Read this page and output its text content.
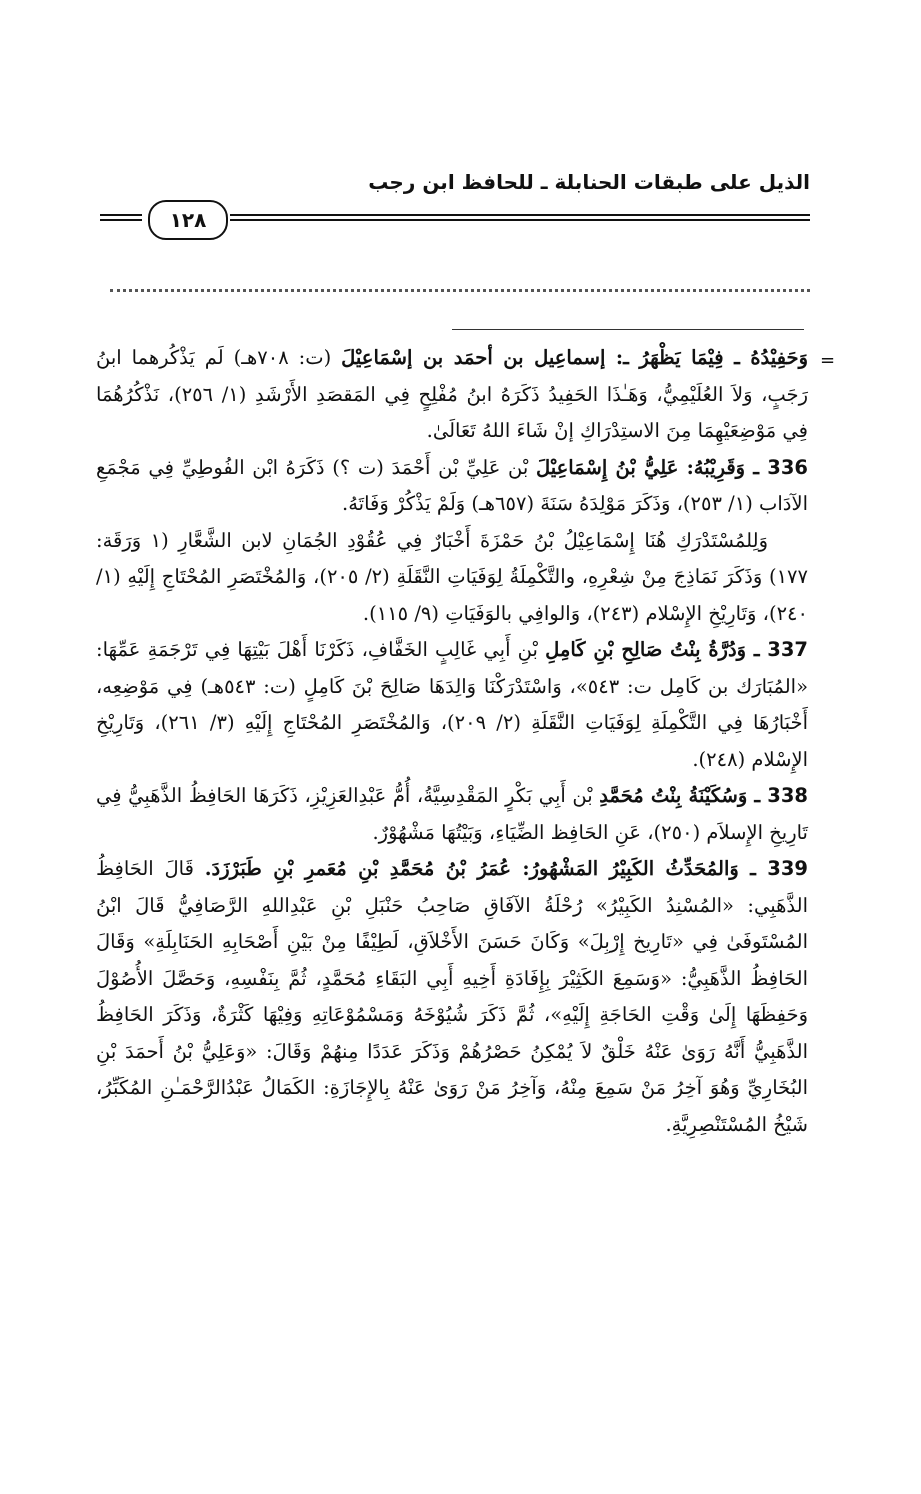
الذيل على طبقات الحنابلة ـ للحافظ ابن رجب
١٢٨
=

وَحَفِيْدُهُ ـ فِيْمَا يَظْهَرُ ـ: إسماعِيل بن أحمَد بن إسْمَاعِيْلَ (ت: ٧٠٨هـ) لَم يَذْكُرهما ابنُ رَجَبٍ، وَلاَ العُلَيْمِيُّ، وَهَـٰذَا الحَفِيدُ ذَكَرَهُ ابنُ مُفْلِحٍ فِي المَقصَدِ الأَرْشَدِ (١/ ٢٥٦)، نَذْكُرُهُمَا فِي مَوْضِعَيْهِمَا مِنَ الاستِدْرَاكِ إنْ شَاءَ اللهُ تَعَالَىٰ.

336 ـ وَقَرِيْبُهُ: عَلِيُّ بْنُ إِسْمَاعِيْلَ بْن عَلِيِّ بْن أَحْمَدَ (ت ؟) ذَكَرَهُ ابْن الفُوطِيِّ فِي مَجْمَعِ الآدَاب (١/ ٢٥٣)، وَذَكَرَ مَوْلِدَهُ سَنَةَ (٦٥٧هـ) وَلَمْ يَذْكُرْ وَفَاتَهُ.

وَلِلمُسْتَدْرَكِ هُنَا إِسْمَاعِيْلُ بْنُ حَمْزَةَ أَخْبَارٌ فِي عُقُوْدِ الجُمَانِ لابن الشَّعَّارِ (١ وَرَقَة: ١٧٧) وَذَكَرَ نَمَاذِجَ مِنْ شِعْرِهِ، والتَّكْمِلَةُ لِوَفَيَاتِ النَّقَلَةِ (٢/ ٢٠٥)، وَالمُخْتَصَرِ المُحْتَاجِ إِلَيْهِ (١/ ٢٤٠)، وَتَارِيْخِ الإِسْلام (٢٤٣)، وَالوافِي بالوَفَيَاتِ (٩/ ١١٥).

337 ـ وَدُرَّةُ بِنْتُ صَالِحِ بْنِ كَامِلِ بْنِ أَبِي غَالِبٍ الخَفَّافِ، ذَكَرْنَا أَهْلَ بَيْتِهَا فِي تَرْجَمَةِ عَمِّهَا: «المُبَارَك بن كَامِل ت: ٥٤٣»، وَاسْتَدْرَكْنَا وَالِدَهَا صَالِحَ بْنَ كَامِلٍ (ت: ٥٤٣هـ) فِي مَوْضِعِه، أَخْبَارُهَا فِي التَّكْمِلَةِ لِوَفَيَاتِ النَّقَلَةِ (٢/ ٢٠٩)، وَالمُخْتَصَرِ المُحْتَاجِ إِلَيْهِ (٣/ ٢٦١)، وَتَارِيْخِ الإِسْلام (٢٤٨).

338 ـ وَسُكَيْنَةُ بِنْتُ مُحَمَّدِ بْن أَبِي بَكْرٍ المَقْدِسِيَّةُ، أُمُّ عَبْدِالعَزِيْزِ، ذَكَرَهَا الحَافِظُ الذَّهَبِيُّ فِي تَارِيخِ الإِسلاَم (٢٥٠)، عَنِ الحَافِظ الضِّيَاءِ، وَبَيْتُهَا مَشْهُوْرٌ.

339 ـ وَالمُحَدِّثُ الكَبِيْرُ المَشْهُورُ: عُمَرُ بْنُ مُحَمَّدِ بْنِ مُعَمرِ بْنِ طَبَرْزَدَ. قَالَ الحَافِظُ الذَّهَبِي: «المُسْنِدُ الكَبِيْرُ» رُحْلَةُ الآفَاقِ صَاحِبُ حَنْبَلِ بْنِ عَبْدِاللهِ الرَّصَافِيُّ قَالَ ابْنُ المُسْتَوفَىٰ فِي «تَارِيخ إِرْبِلَ» وَكَانَ حَسَنَ الأَخْلاَقِ، لَطِيْفًا مِنْ بَيْنِ أَصْحَابِهِ الحَنَابِلَةِ» وَقَالَ الحَافِظُ الذَّهَبِيُّ: «وَسَمِعَ الكَثِيْرَ بِإِفَادَةِ أَخِيهِ أَبِي البَقَاءِ مُحَمَّدٍ، ثُمَّ بِنَفْسِهِ، وَحَصَّلَ الأُصُوْلَ وَحَفِظَهَا إِلَىٰ وَقْتِ الحَاجَةِ إِلَيْهِ»، ثُمَّ ذَكَرَ شُيُوْخَهُ وَمَسْمُوْعَاتِهِ وَفِيْهَا كَثْرَةٌ، وَذَكَرَ الحَافِظُ الذَّهَبِيُّ أَنَّهُ رَوَىٰ عَنْهُ خَلْقٌ لاَ يُمْكِنُ حَصْرُهُمْ وَذَكَرَ عَدَدًا مِنهُمْ وَقَالَ: «وَعَلِيُّ بْنُ أَحمَدَ بْنِ البُخَارِيِّ وَهُوَ آخِرُ مَنْ سَمِعَ مِنْهُ، وَآخِرُ مَنْ رَوَىٰ عَنْهُ بِالإِجَازَةِ: الكَمَالُ عَبْدُالرَّحْمَـٰنِ المُكَبِّرُ، شَيْخُ المُسْتَنْصِرِيَّةِ.
